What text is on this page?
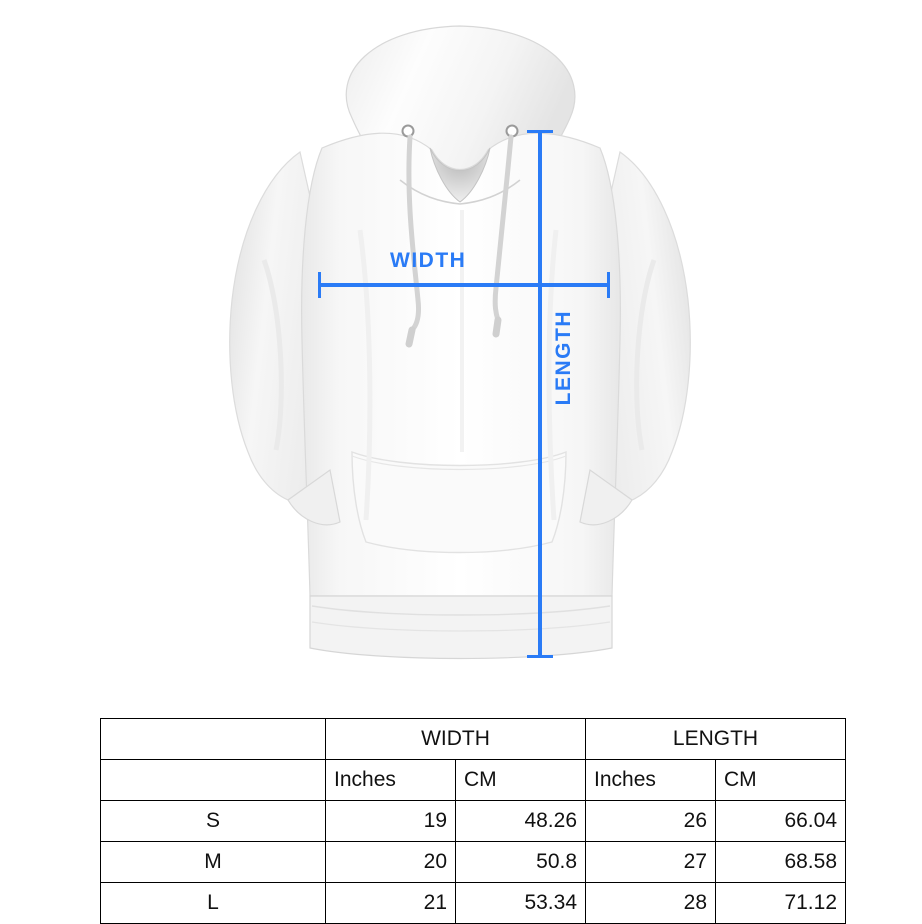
WIDTH
LENGTH
	WIDTH		LENGTH	
	Inches	CM	Inches	CM
S	19	48.26	26	66.04
M	20	50.8	27	68.58
L	21	53.34	28	71.12
